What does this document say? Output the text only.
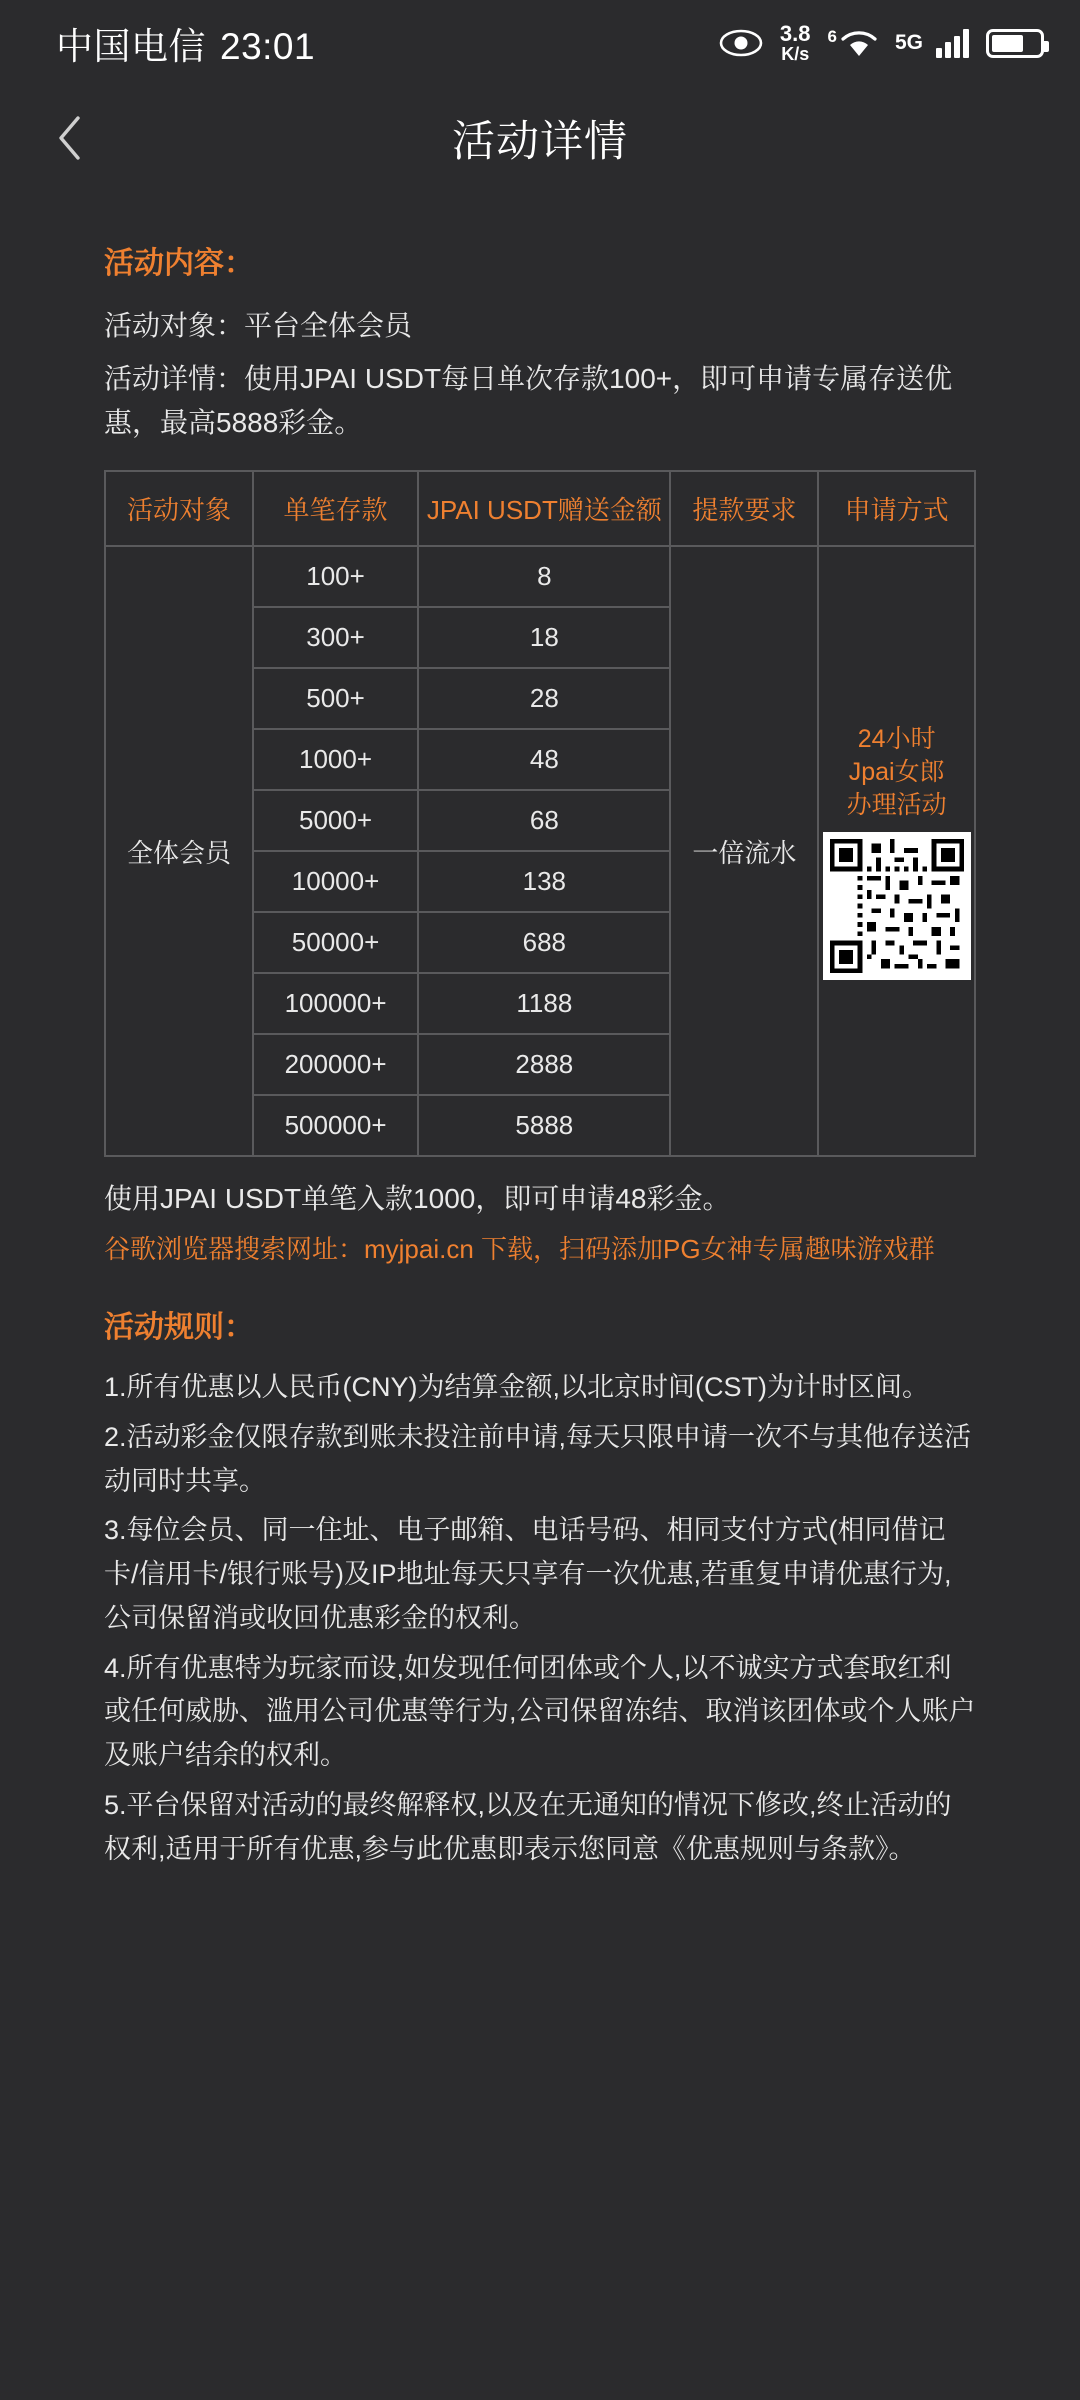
中国电信 23:01	3.8
K/s
6	5G
活动详情
活动内容：
活动对象：平台全体会员
活动详情：使用JPAI USDT每日单次存款100+，即可申请专属存送优惠，最高5888彩金。
活动对象	单笔存款	JPAI USDT赠送金额	提款要求	申请方式
全体会员	100+	8	一倍流水	24小时
Jpai女郎
办理活动

	300+	18		
	500+	28		
	1000+	48		
	5000+	68		
	10000+	138		
	50000+	688		
	100000+	1188		
	200000+	2888		
	500000+	5888		
使用JPAI USDT单笔入款1000，即可申请48彩金。
谷歌浏览器搜索网址：myjpai.cn 下载，扫码添加PG女神专属趣味游戏群
活动规则：
1.所有优惠以人民币(CNY)为结算金额,以北京时间(CST)为计时区间。
2.活动彩金仅限存款到账未投注前申请,每天只限申请一次不与其他存送活动同时共享。
3.每位会员、同一住址、电子邮箱、电话号码、相同支付方式(相同借记卡/信用卡/银行账号)及IP地址每天只享有一次优惠,若重复申请优惠行为,公司保留消或收回优惠彩金的权利。
4.所有优惠特为玩家而设,如发现任何团体或个人,以不诚实方式套取红利或任何威胁、滥用公司优惠等行为,公司保留冻结、取消该团体或个人账户及账户结余的权利。
5.平台保留对活动的最终解释权,以及在无通知的情况下修改,终止活动的权利,适用于所有优惠,参与此优惠即表示您同意《优惠规则与条款》。
